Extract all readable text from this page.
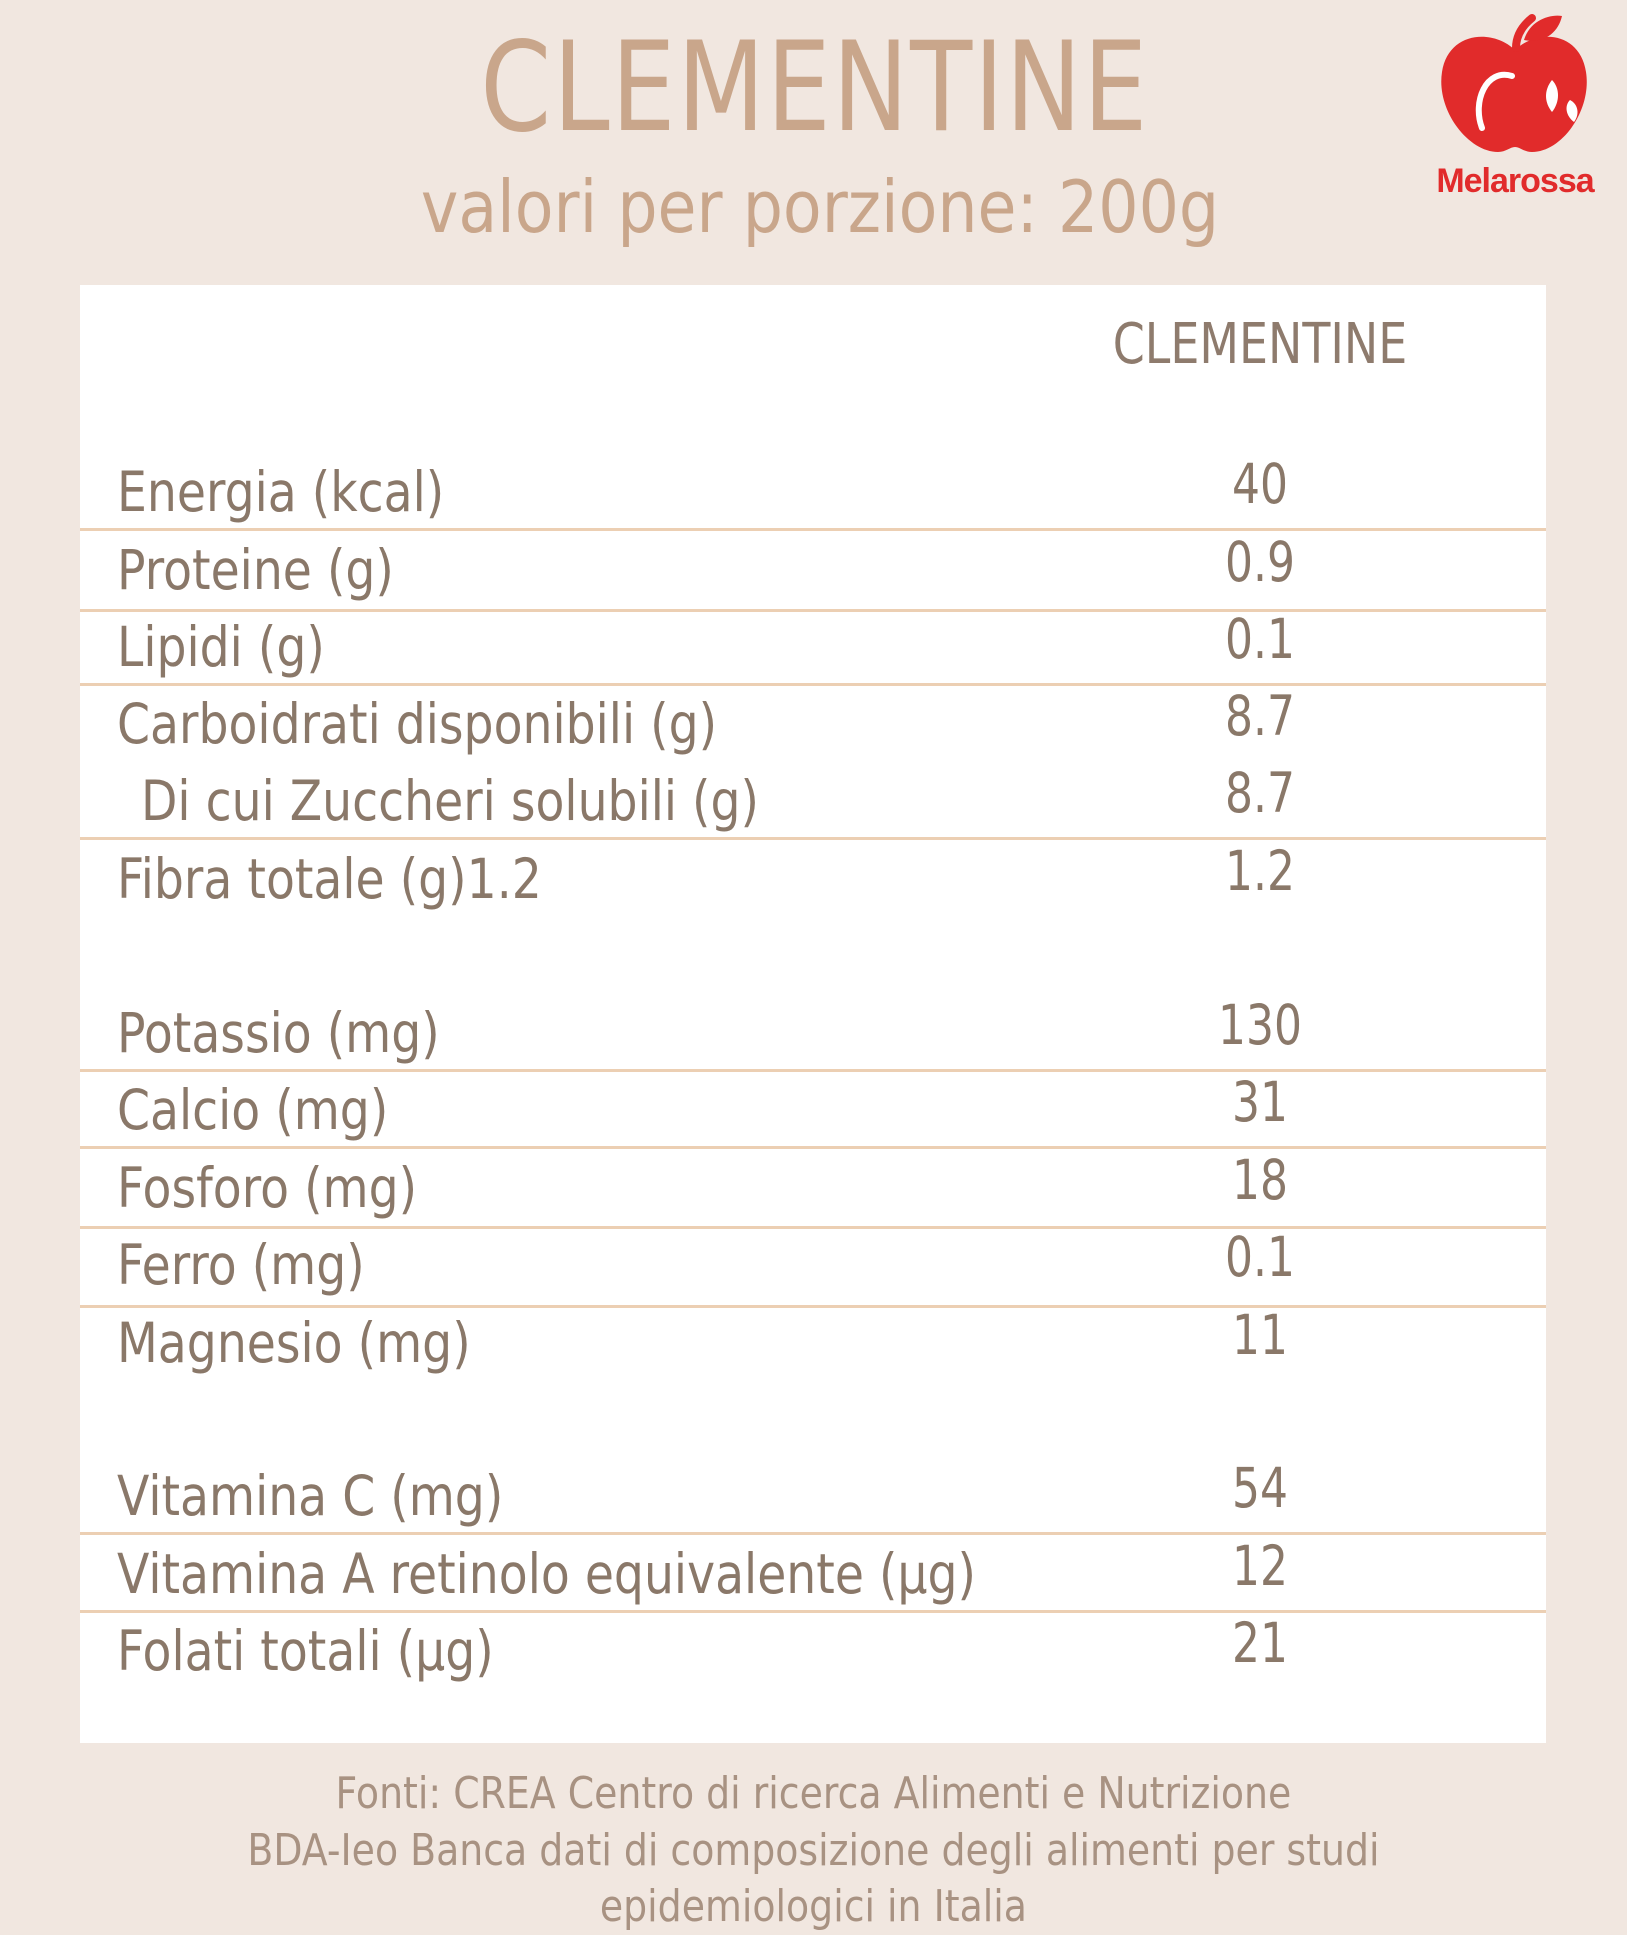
CLEMENTINE
valori per porzione: 200g	Melarossa
CLEMENTINE
Energia (kcal)	40
Proteine (g)	0.9
Lipidi (g)	0.1
Carboidrati disponibili (g)	8.7
Di cui Zuccheri solubili (g)	8.7
Fibra totale (g)1.2	1.2
Potassio (mg)	130
Calcio (mg)	31
Fosforo (mg)	18
Ferro (mg)	0.1
Magnesio (mg)	11
Vitamina C (mg)	54
Vitamina A retinolo equivalente (µg)	12
Folati totali (µg)	21
Fonti: CREA Centro di ricerca Alimenti e Nutrizione
BDA-Ieo Banca dati di composizione degli alimenti per studi epidemiologici in Italia
